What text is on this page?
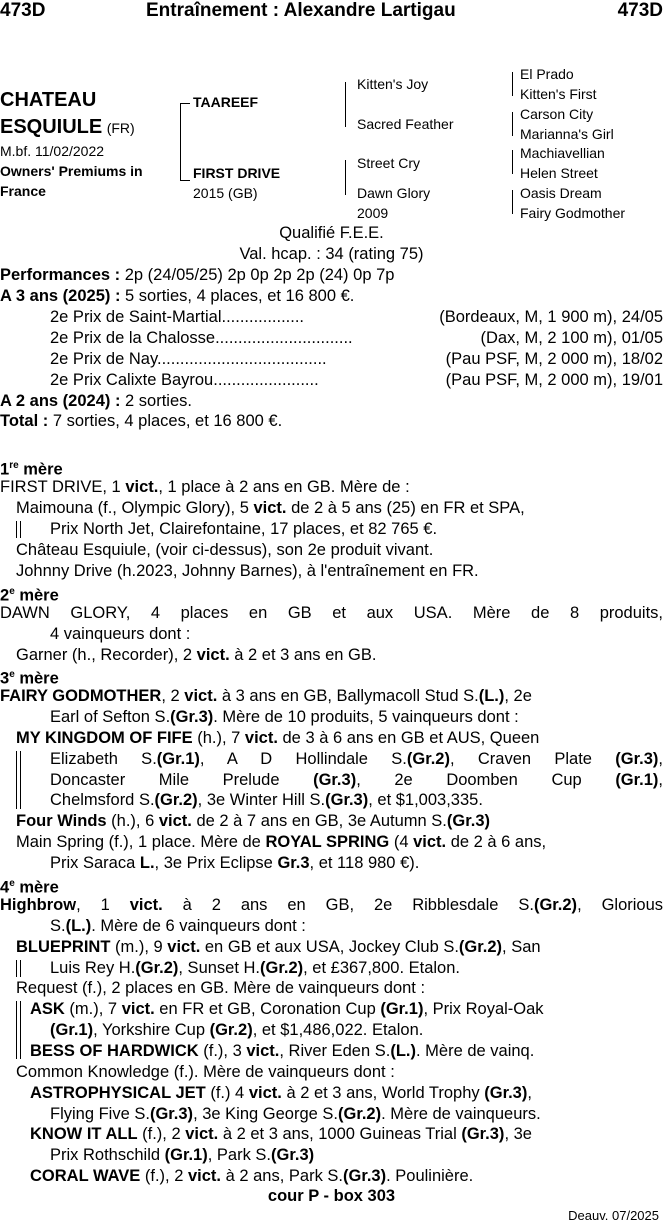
473D	Entraînement : Alexandre Lartigau	473D
CHATEAU
ESQUIULE (FR)
M.bf. 11/02/2022
Owners' Premiums in
France
TAAREEF
FIRST DRIVE
2015 (GB)
Kitten's Joy
Sacred Feather
Street Cry
Dawn Glory
2009
El Prado
Kitten's First
Carson City
Marianna's Girl
Machiavellian
Helen Street
Oasis Dream
Fairy Godmother
Qualifié F.E.E.
Val. hcap. : 34 (rating 75)
Performances : 2p (24/05/25) 2p 0p 2p 2p (24) 0p 7p
A 3 ans (2025) : 5 sorties, 4 places, et 16 800 €.
2e Prix de Saint-Martial..................	(Bordeaux, M, 1 900 m), 24/05
2e Prix de la Chalosse..............................	(Dax, M, 2 100 m), 01/05
2e Prix de Nay.....................................	(Pau PSF, M, 2 000 m), 18/02
2e Prix Calixte Bayrou.......................	(Pau PSF, M, 2 000 m), 19/01
A 2 ans (2024) : 2 sorties.
Total : 7 sorties, 4 places, et 16 800 €.
1re mère
FIRST DRIVE, 1 vict., 1 place à 2 ans en GB. Mère de :
Maimouna (f., Olympic Glory), 5 vict. de 2 à 5 ans (25) en FR et SPA,
Prix North Jet, Clairefontaine, 17 places, et 82 765 €.
Château Esquiule, (voir ci-dessus), son 2e produit vivant.
Johnny Drive (h.2023, Johnny Barnes), à l'entraînement en FR.
2e mère
DAWN GLORY, 4 places en GB et aux USA. Mère de 8 produits,
4 vainqueurs dont :
Garner (h., Recorder), 2 vict. à 2 et 3 ans en GB.
3e mère
FAIRY GODMOTHER, 2 vict. à 3 ans en GB, Ballymacoll Stud S.(L.), 2e
Earl of Sefton S.(Gr.3). Mère de 10 produits, 5 vainqueurs dont :
MY KINGDOM OF FIFE (h.), 7 vict. de 3 à 6 ans en GB et AUS, Queen
Elizabeth S.(Gr.1), A D Hollindale S.(Gr.2), Craven Plate (Gr.3),
Doncaster Mile Prelude (Gr.3), 2e Doomben Cup (Gr.1),
Chelmsford S.(Gr.2), 3e Winter Hill S.(Gr.3), et $1,003,335.
Four Winds (h.), 6 vict. de 2 à 7 ans en GB, 3e Autumn S.(Gr.3)
Main Spring (f.), 1 place. Mère de ROYAL SPRING (4 vict. de 2 à 6 ans,
Prix Saraca L., 3e Prix Eclipse Gr.3, et 118 980 €).
4e mère
Highbrow, 1 vict. à 2 ans en GB, 2e Ribblesdale S.(Gr.2), Glorious
S.(L.). Mère de 6 vainqueurs dont :
BLUEPRINT (m.), 9 vict. en GB et aux USA, Jockey Club S.(Gr.2), San
Luis Rey H.(Gr.2), Sunset H.(Gr.2), et £367,800. Etalon.
Request (f.), 2 places en GB. Mère de vainqueurs dont :
ASK (m.), 7 vict. en FR et GB, Coronation Cup (Gr.1), Prix Royal-Oak
(Gr.1), Yorkshire Cup (Gr.2), et $1,486,022. Etalon.
BESS OF HARDWICK (f.), 3 vict., River Eden S.(L.). Mère de vainq.
Common Knowledge (f.). Mère de vainqueurs dont :
ASTROPHYSICAL JET (f.) 4 vict. à 2 et 3 ans, World Trophy (Gr.3),
Flying Five S.(Gr.3), 3e King George S.(Gr.2). Mère de vainqueurs.
KNOW IT ALL (f.), 2 vict. à 2 et 3 ans, 1000 Guineas Trial (Gr.3), 3e
Prix Rothschild (Gr.1), Park S.(Gr.3)
CORAL WAVE (f.), 2 vict. à 2 ans, Park S.(Gr.3). Poulinière.
cour P - box 303
Deauv. 07/2025
